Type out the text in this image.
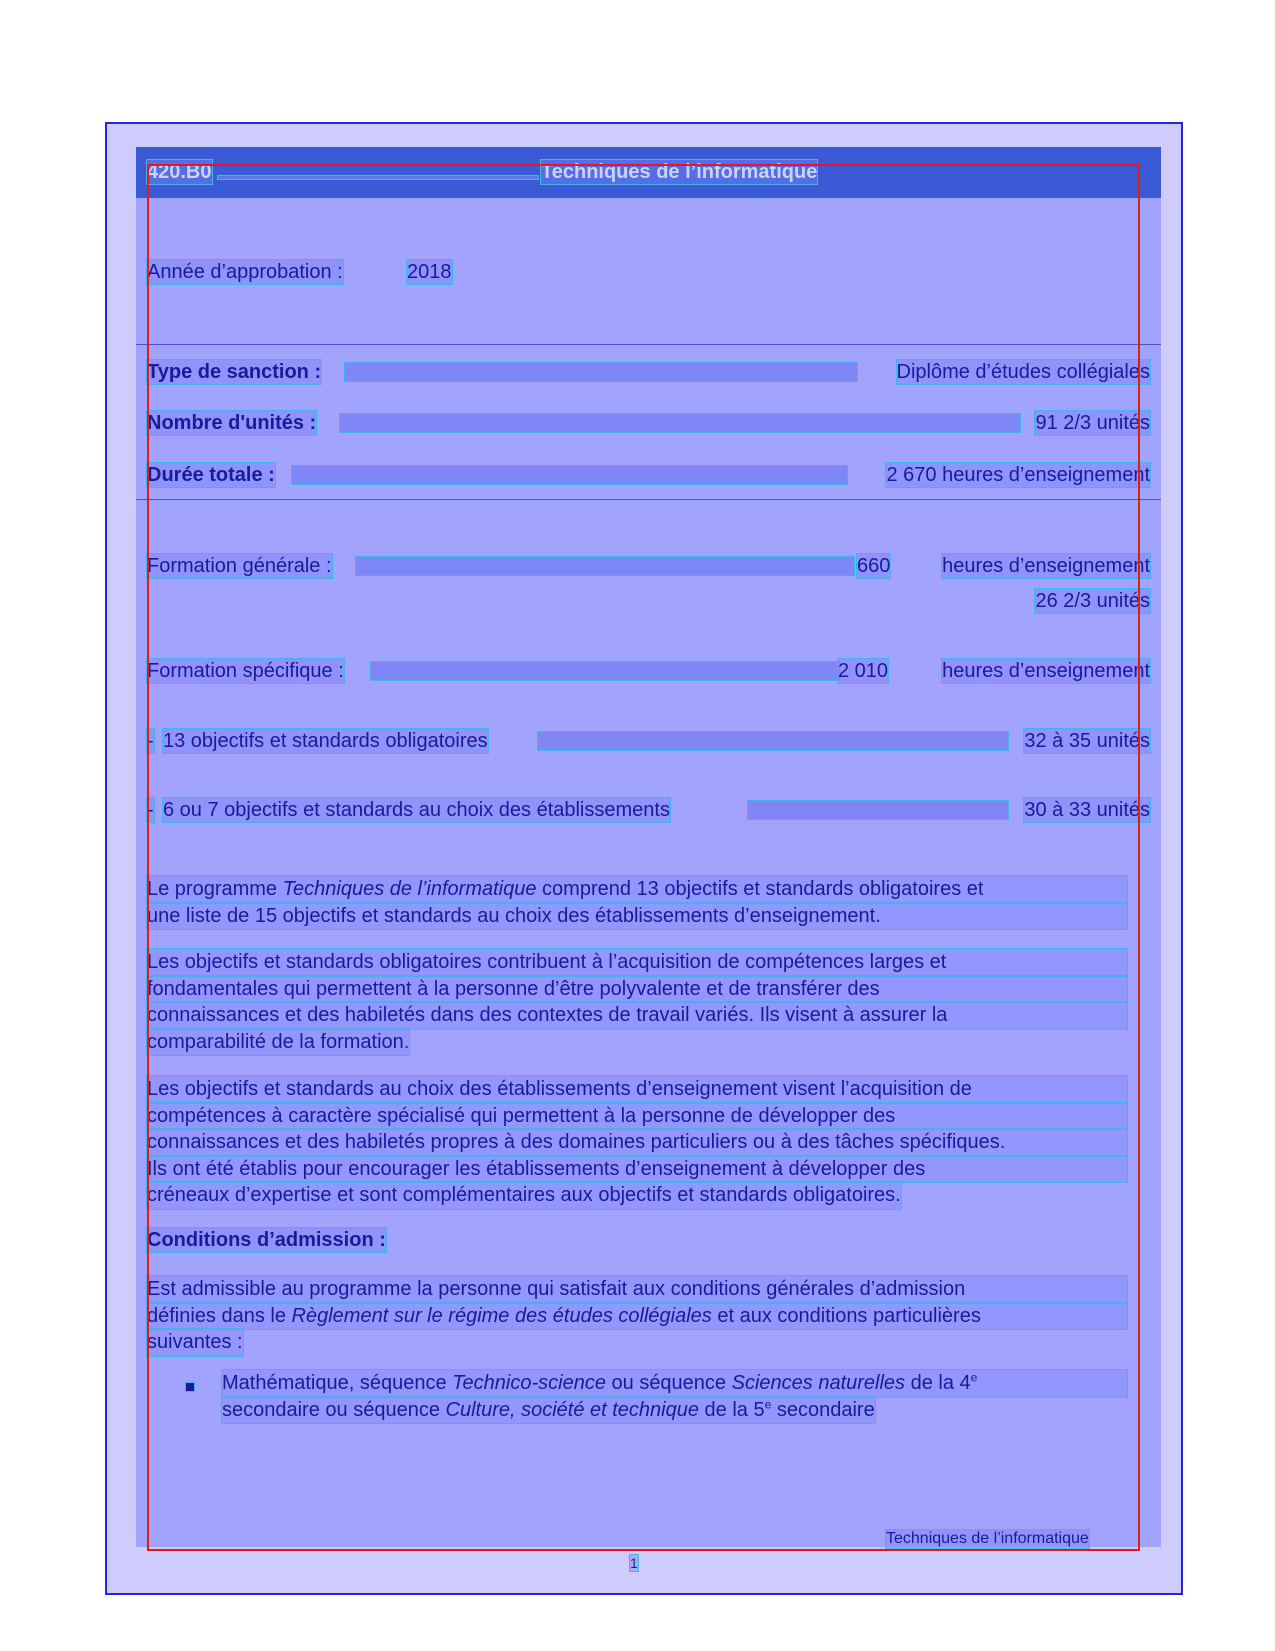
420.B0	Techniques de l’informatique
Année d’approbation :	2018
Type de sanction :	Diplôme d’études collégiales
Nombre d'unités :	91 2/3 unités
Durée totale :	2 670 heures d’enseignement
Formation générale :	660	heures d’enseignement
26 2/3 unités
Formation spécifique :	2 010	heures d’enseignement
- 13 objectifs et standards obligatoires	32 à 35 unités
- 6 ou 7 objectifs et standards au choix des établissements	30 à 33 unités
Le programme Techniques de l’informatique comprend 13 objectifs et standards obligatoires et
une liste de 15 objectifs et standards au choix des établissements d’enseignement.
Les objectifs et standards obligatoires contribuent à l’acquisition de compétences larges et
fondamentales qui permettent à la personne d’être polyvalente et de transférer des
connaissances et des habiletés dans des contextes de travail variés. Ils visent à assurer la
comparabilité de la formation.
Les objectifs et standards au choix des établissements d’enseignement visent l’acquisition de
compétences à caractère spécialisé qui permettent à la personne de développer des
connaissances et des habiletés propres à des domaines particuliers ou à des tâches spécifiques.
Ils ont été établis pour encourager les établissements d’enseignement à développer des
créneaux d’expertise et sont complémentaires aux objectifs et standards obligatoires.
Conditions d’admission :
Est admissible au programme la personne qui satisfait aux conditions générales d’admission
définies dans le Règlement sur le régime des études collégiales et aux conditions particulières
suivantes :
Mathématique, séquence Technico-science ou séquence Sciences naturelles de la 4e
secondaire ou séquence Culture, société et technique de la 5e secondaire
Techniques de l’informatique
1
